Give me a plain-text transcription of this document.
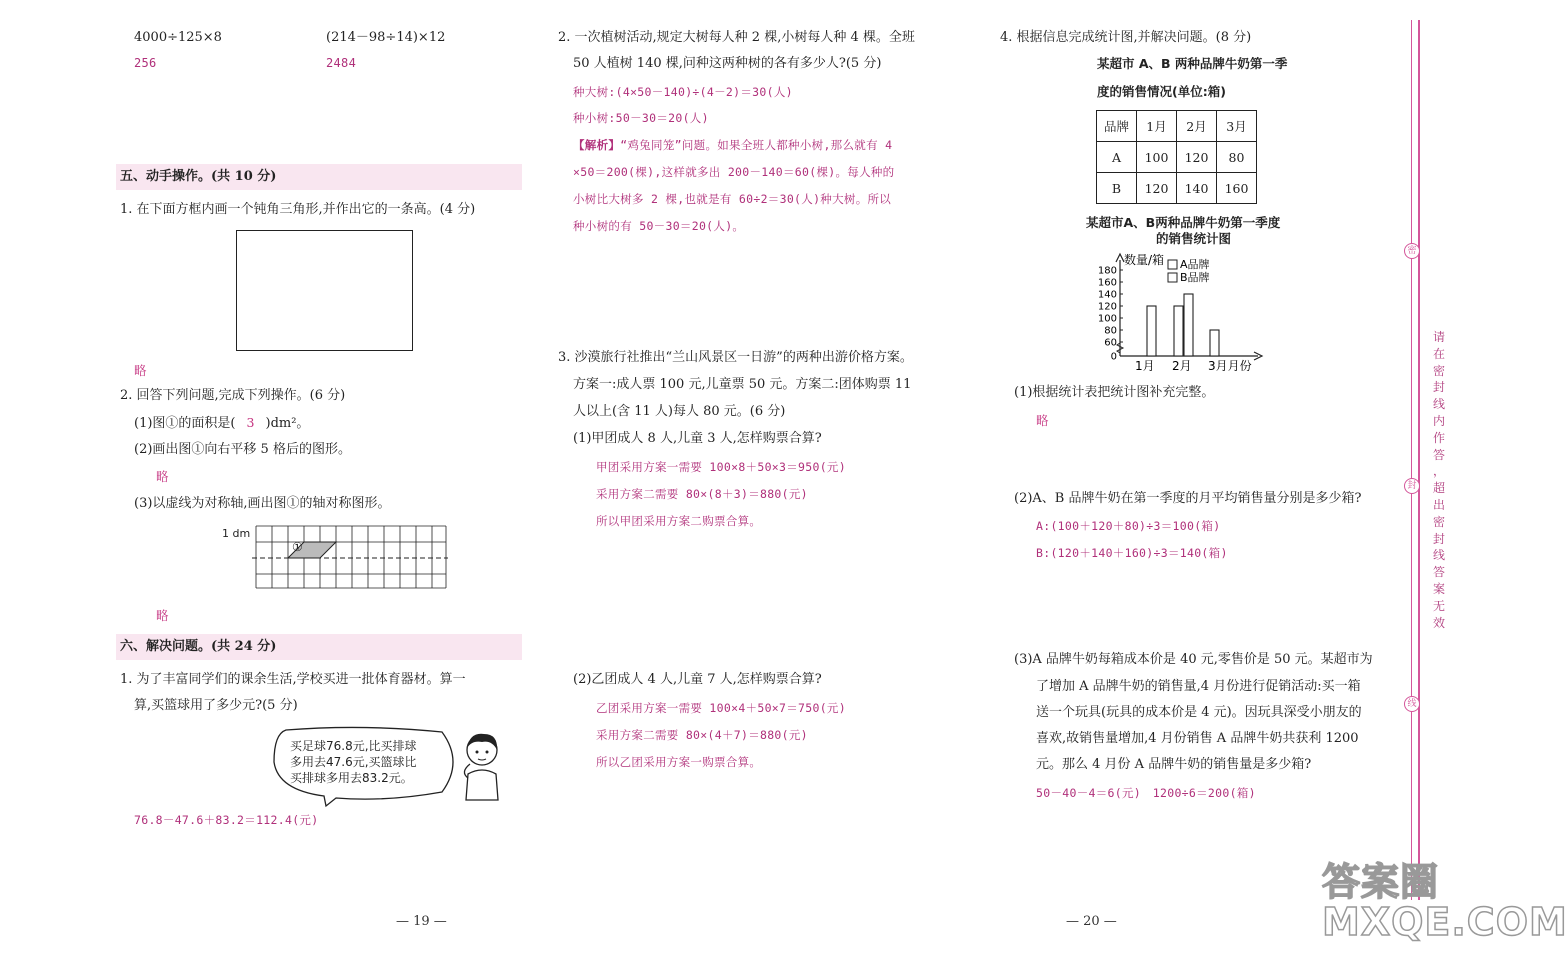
4000÷125×8	(214－98÷14)×12
256	2484
五、动手操作。(共 10 分)
1. 在下面方框内画一个钝角三角形,并作出它的一条高。(4 分)
略
2. 回答下列问题,完成下列操作。(6 分)
(1)图①的面积是( 3 )dm²。
(2)画出图①向右平移 5 格后的图形。
略
(3)以虚线为对称轴,画出图①的轴对称图形。
1 dm
①
略
六、解决问题。(共 24 分)
1. 为了丰富同学们的课余生活,学校买进一批体育器材。算一
算,买篮球用了多少元?(5 分)
买足球76.8元,比买排球
多用去47.6元,买篮球比
买排球多用去83.2元。
76.8－47.6＋83.2＝112.4(元)
— 19 —
2. 一次植树活动,规定大树每人种 2 棵,小树每人种 4 棵。全班
50 人植树 140 棵,问种这两种树的各有多少人?(5 分)
种大树:(4×50－140)÷(4－2)＝30(人)
种小树:50－30＝20(人)
【解析】“鸡兔同笼”问题。如果全班人都种小树,那么就有 4
×50＝200(棵),这样就多出 200－140＝60(棵)。每人种的
小树比大树多 2 棵,也就是有 60÷2＝30(人)种大树。所以
种小树的有 50－30＝20(人)。
3. 沙漠旅行社推出“兰山风景区一日游”的两种出游价格方案。
方案一:成人票 100 元,儿童票 50 元。方案二:团体购票 11
人以上(含 11 人)每人 80 元。(6 分)
(1)甲团成人 8 人,儿童 3 人,怎样购票合算?
甲团采用方案一需要 100×8＋50×3＝950(元)
采用方案二需要 80×(8＋3)＝880(元)
所以甲团采用方案二购票合算。
(2)乙团成人 4 人,儿童 7 人,怎样购票合算?
乙团采用方案一需要 100×4＋50×7＝750(元)
采用方案二需要 80×(4＋7)＝880(元)
所以乙团采用方案一购票合算。
4. 根据信息完成统计图,并解决问题。(8 分)
某超市 A、B 两种品牌牛奶第一季
度的销售情况(单位:箱)
品牌	1月	2月	3月
A	100	120	80
B	120	140	160
某超市A、B两种品牌牛奶第一季度
的销售统计图
0
60
80
100
120
140
160
180
数量/箱
1月 2月 3月月份
A品牌
B品牌
(1)根据统计表把统计图补充完整。
略
(2)A、B 品牌牛奶在第一季度的月平均销售量分别是多少箱?
A:(100＋120＋80)÷3＝100(箱)
B:(120＋140＋160)÷3＝140(箱)
(3)A 品牌牛奶每箱成本价是 40 元,零售价是 50 元。某超市为
了增加 A 品牌牛奶的销售量,4 月份进行促销活动:买一箱
送一个玩具(玩具的成本价是 4 元)。因玩具深受小朋友的
喜欢,故销售量增加,4 月份销售 A 品牌牛奶共获利 1200
元。那么 4 月份 A 品牌牛奶的销售量是多少箱?
50－40－4＝6(元)　1200÷6＝200(箱)
— 20 —
密
封
线
请
在
密
封
线
内
作
答
，
超
出
密
封
线
答
案
无
效
答案圈
MXQE.COM
